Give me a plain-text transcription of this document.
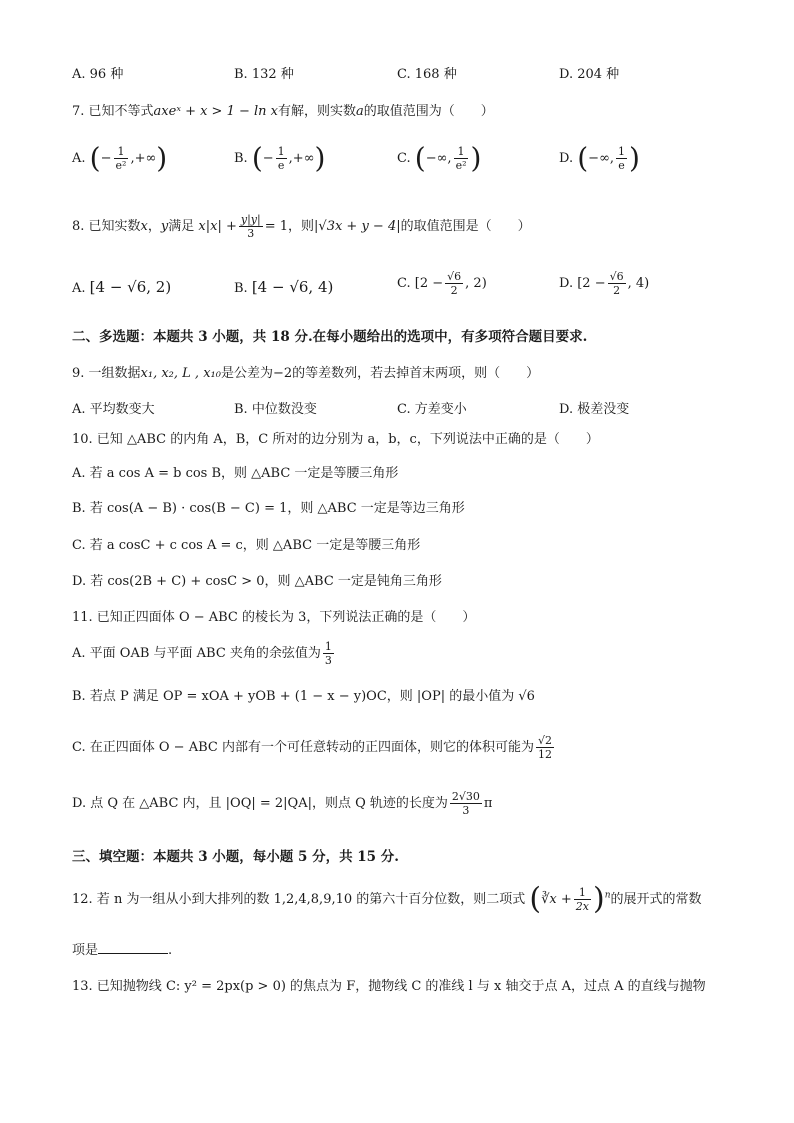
A. 96 种	B. 132 种	C. 168 种	D. 204 种
7. 已知不等式axeˣ + x > 1 − ln x有解，则实数a的取值范围为（　　）
A. (− $\frac{1}{\text{e²}}$ ,+∞)	B. (− $\frac{1}{e}$ ,+∞)	C. (−∞, $\frac{1}{\text{e²}}$ )	D. (−∞, $\frac{1}{e}$ )
8. 已知实数x，y满足 $x|x| + \frac{y|y|}{3} = 1$，则|√3x + y − 4|的取值范围是（　　）
A. [4 − √6, 2)	B. [4 − √6, 4)	C. [$2 - \frac{√6}{2}$ , 2)	D. [$2 - \frac{√6}{2}$ , 4)
二、多选题：本题共 3 小题，共 18 分.在每小题给出的选项中，有多项符合题目要求.
9. 一组数据x₁, x₂, L , x₁₀是公差为−2的等差数列，若去掉首末两项，则（　　）
A. 平均数变大	B. 中位数没变	C. 方差变小	D. 极差没变
10. 已知 △ABC 的内角 A，B，C 所对的边分别为 a，b，c，下列说法中正确的是（　　）
A. 若 a cos A = b cos B，则 △ABC 一定是等腰三角形
B. 若 cos(A − B) · cos(B − C) = 1，则 △ABC 一定是等边三角形
C. 若 a cosC + c cos A = c，则 △ABC 一定是等腰三角形
D. 若 cos(2B + C) + cosC > 0，则 △ABC 一定是钝角三角形
11. 已知正四面体 O − ABC 的棱长为 3，下列说法正确的是（　　）
A. 平面 OAB 与平面 ABC 夹角的余弦值为 $\frac{1}{3}$
B. 若点 P 满足 OP = xOA + yOB + (1 − x − y)OC，则 |OP| 的最小值为 √6
C. 在正四面体 O − ABC 内部有一个可任意转动的正四面体，则它的体积可能为 $\frac{√2}{12}$
D. 点 Q 在 △ABC 内，且 |OQ| = 2|QA|，则点 Q 轨迹的长度为 $\frac{2√30}{3}$ π
三、填空题：本题共 3 小题，每小题 5 分，共 15 分.
12. 若 n 为一组从小到大排列的数 1,2,4,8,9,10 的第六十百分位数，则二项式 (∛x + $\frac{1}{2x} )^n$的展开式的常数
项是	.
13. 已知抛物线 C: y² = 2px(p > 0) 的焦点为 F，抛物线 C 的准线 l 与 x 轴交于点 A，过点 A 的直线与抛物
